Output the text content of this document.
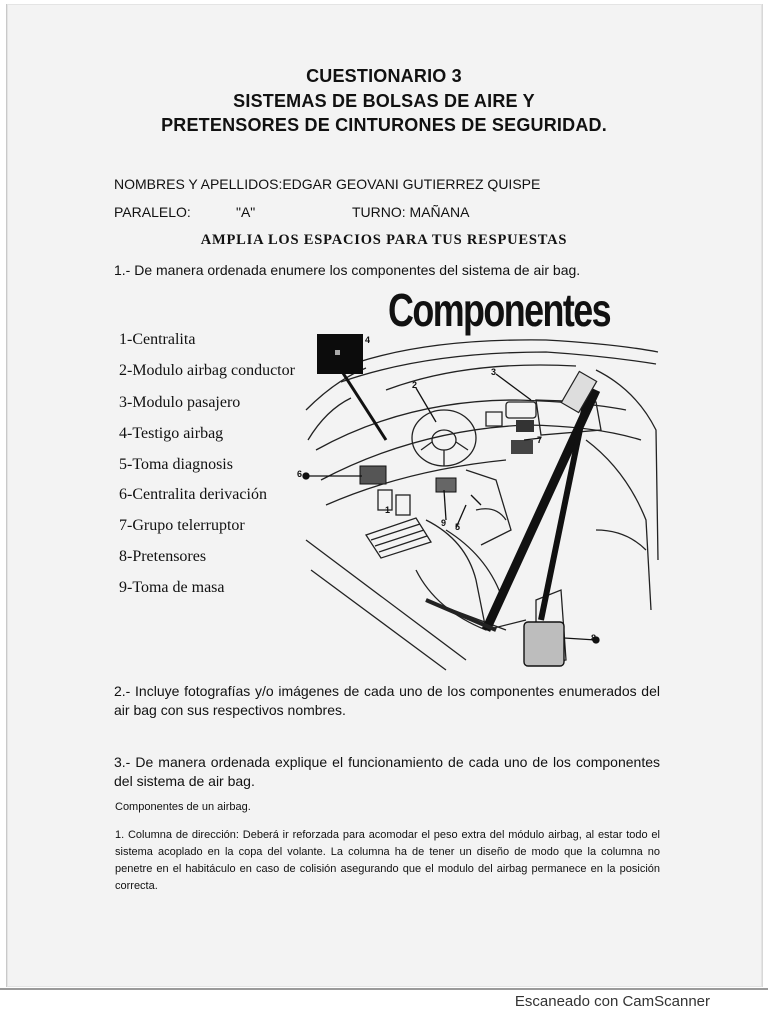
CUESTIONARIO 3
SISTEMAS DE BOLSAS DE AIRE Y
PRETENSORES DE CINTURONES DE SEGURIDAD.
NOMBRES Y APELLIDOS:EDGAR GEOVANI GUTIERREZ QUISPE
PARALELO:	"A"	TURNO: MAÑANA
AMPLIA LOS ESPACIOS PARA TUS RESPUESTAS
1.- De manera ordenada enumere los componentes del sistema de air bag.
1-Centralita
2-Modulo airbag conductor
3-Modulo pasajero
4-Testigo airbag
5-Toma diagnosis
6-Centralita derivación
7-Grupo telerruptor
8-Pretensores
9-Toma de masa
Componentes
4
2
3
6
7
1
9 5
8
2.- Incluye fotografías y/o imágenes de cada uno de los componentes enumerados del air bag con sus respectivos nombres.
3.- De manera ordenada explique el funcionamiento de cada uno de los componentes del sistema de air bag.
Componentes de un airbag.
1. Columna de dirección: Deberá ir reforzada para acomodar el peso extra del módulo airbag, al estar todo el sistema acoplado en la copa del volante. La columna ha de tener un diseño de modo que la columna no penetre en el habitáculo en caso de colisión asegurando que el modulo del airbag permanece en la posición correcta.
Escaneado con CamScanner
